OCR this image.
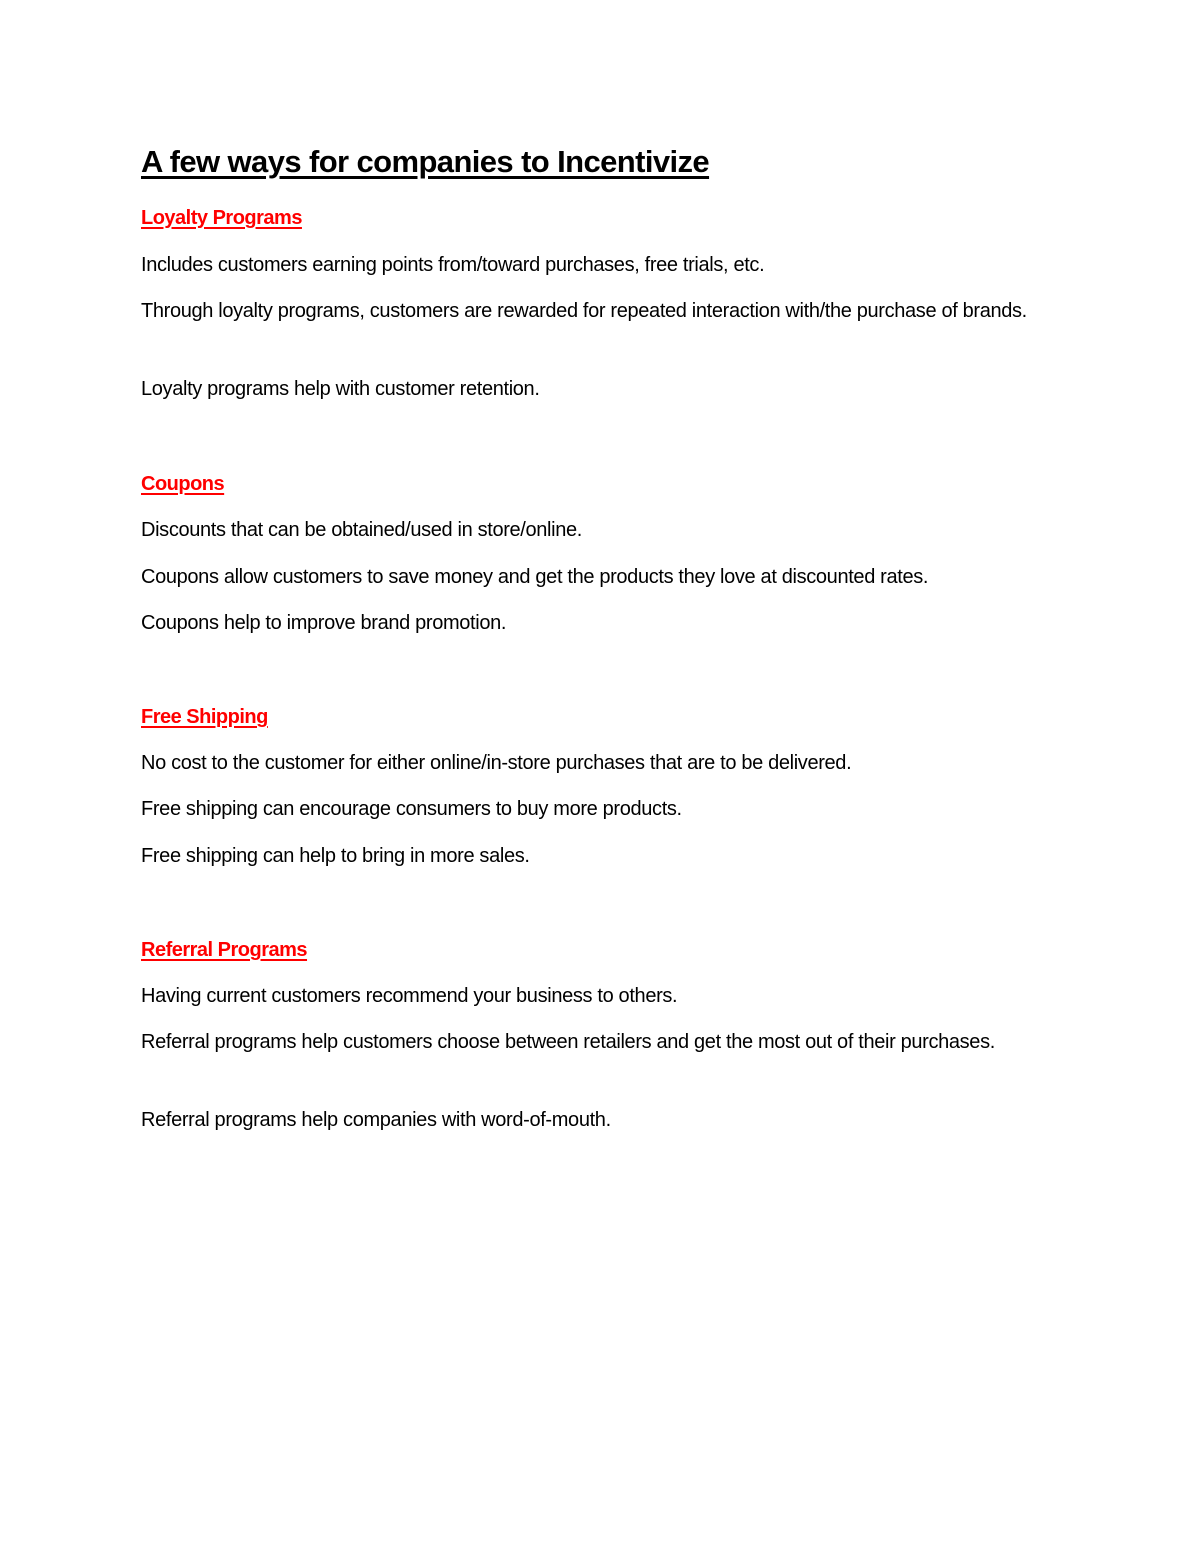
A few ways for companies to Incentivize
Loyalty Programs

Includes customers earning points from/toward purchases, free trials, etc.

Through loyalty programs, customers are rewarded for repeated interaction with/the purchase of brands.

Loyalty programs help with customer retention.

Coupons

Discounts that can be obtained/used in store/online.

Coupons allow customers to save money and get the products they love at discounted rates.

Coupons help to improve brand promotion.

Free Shipping

No cost to the customer for either online/in-store purchases that are to be delivered.

Free shipping can encourage consumers to buy more products.

Free shipping can help to bring in more sales.

Referral Programs

Having current customers recommend your business to others.

Referral programs help customers choose between retailers and get the most out of their purchases.

Referral programs help companies with word-of-mouth.
